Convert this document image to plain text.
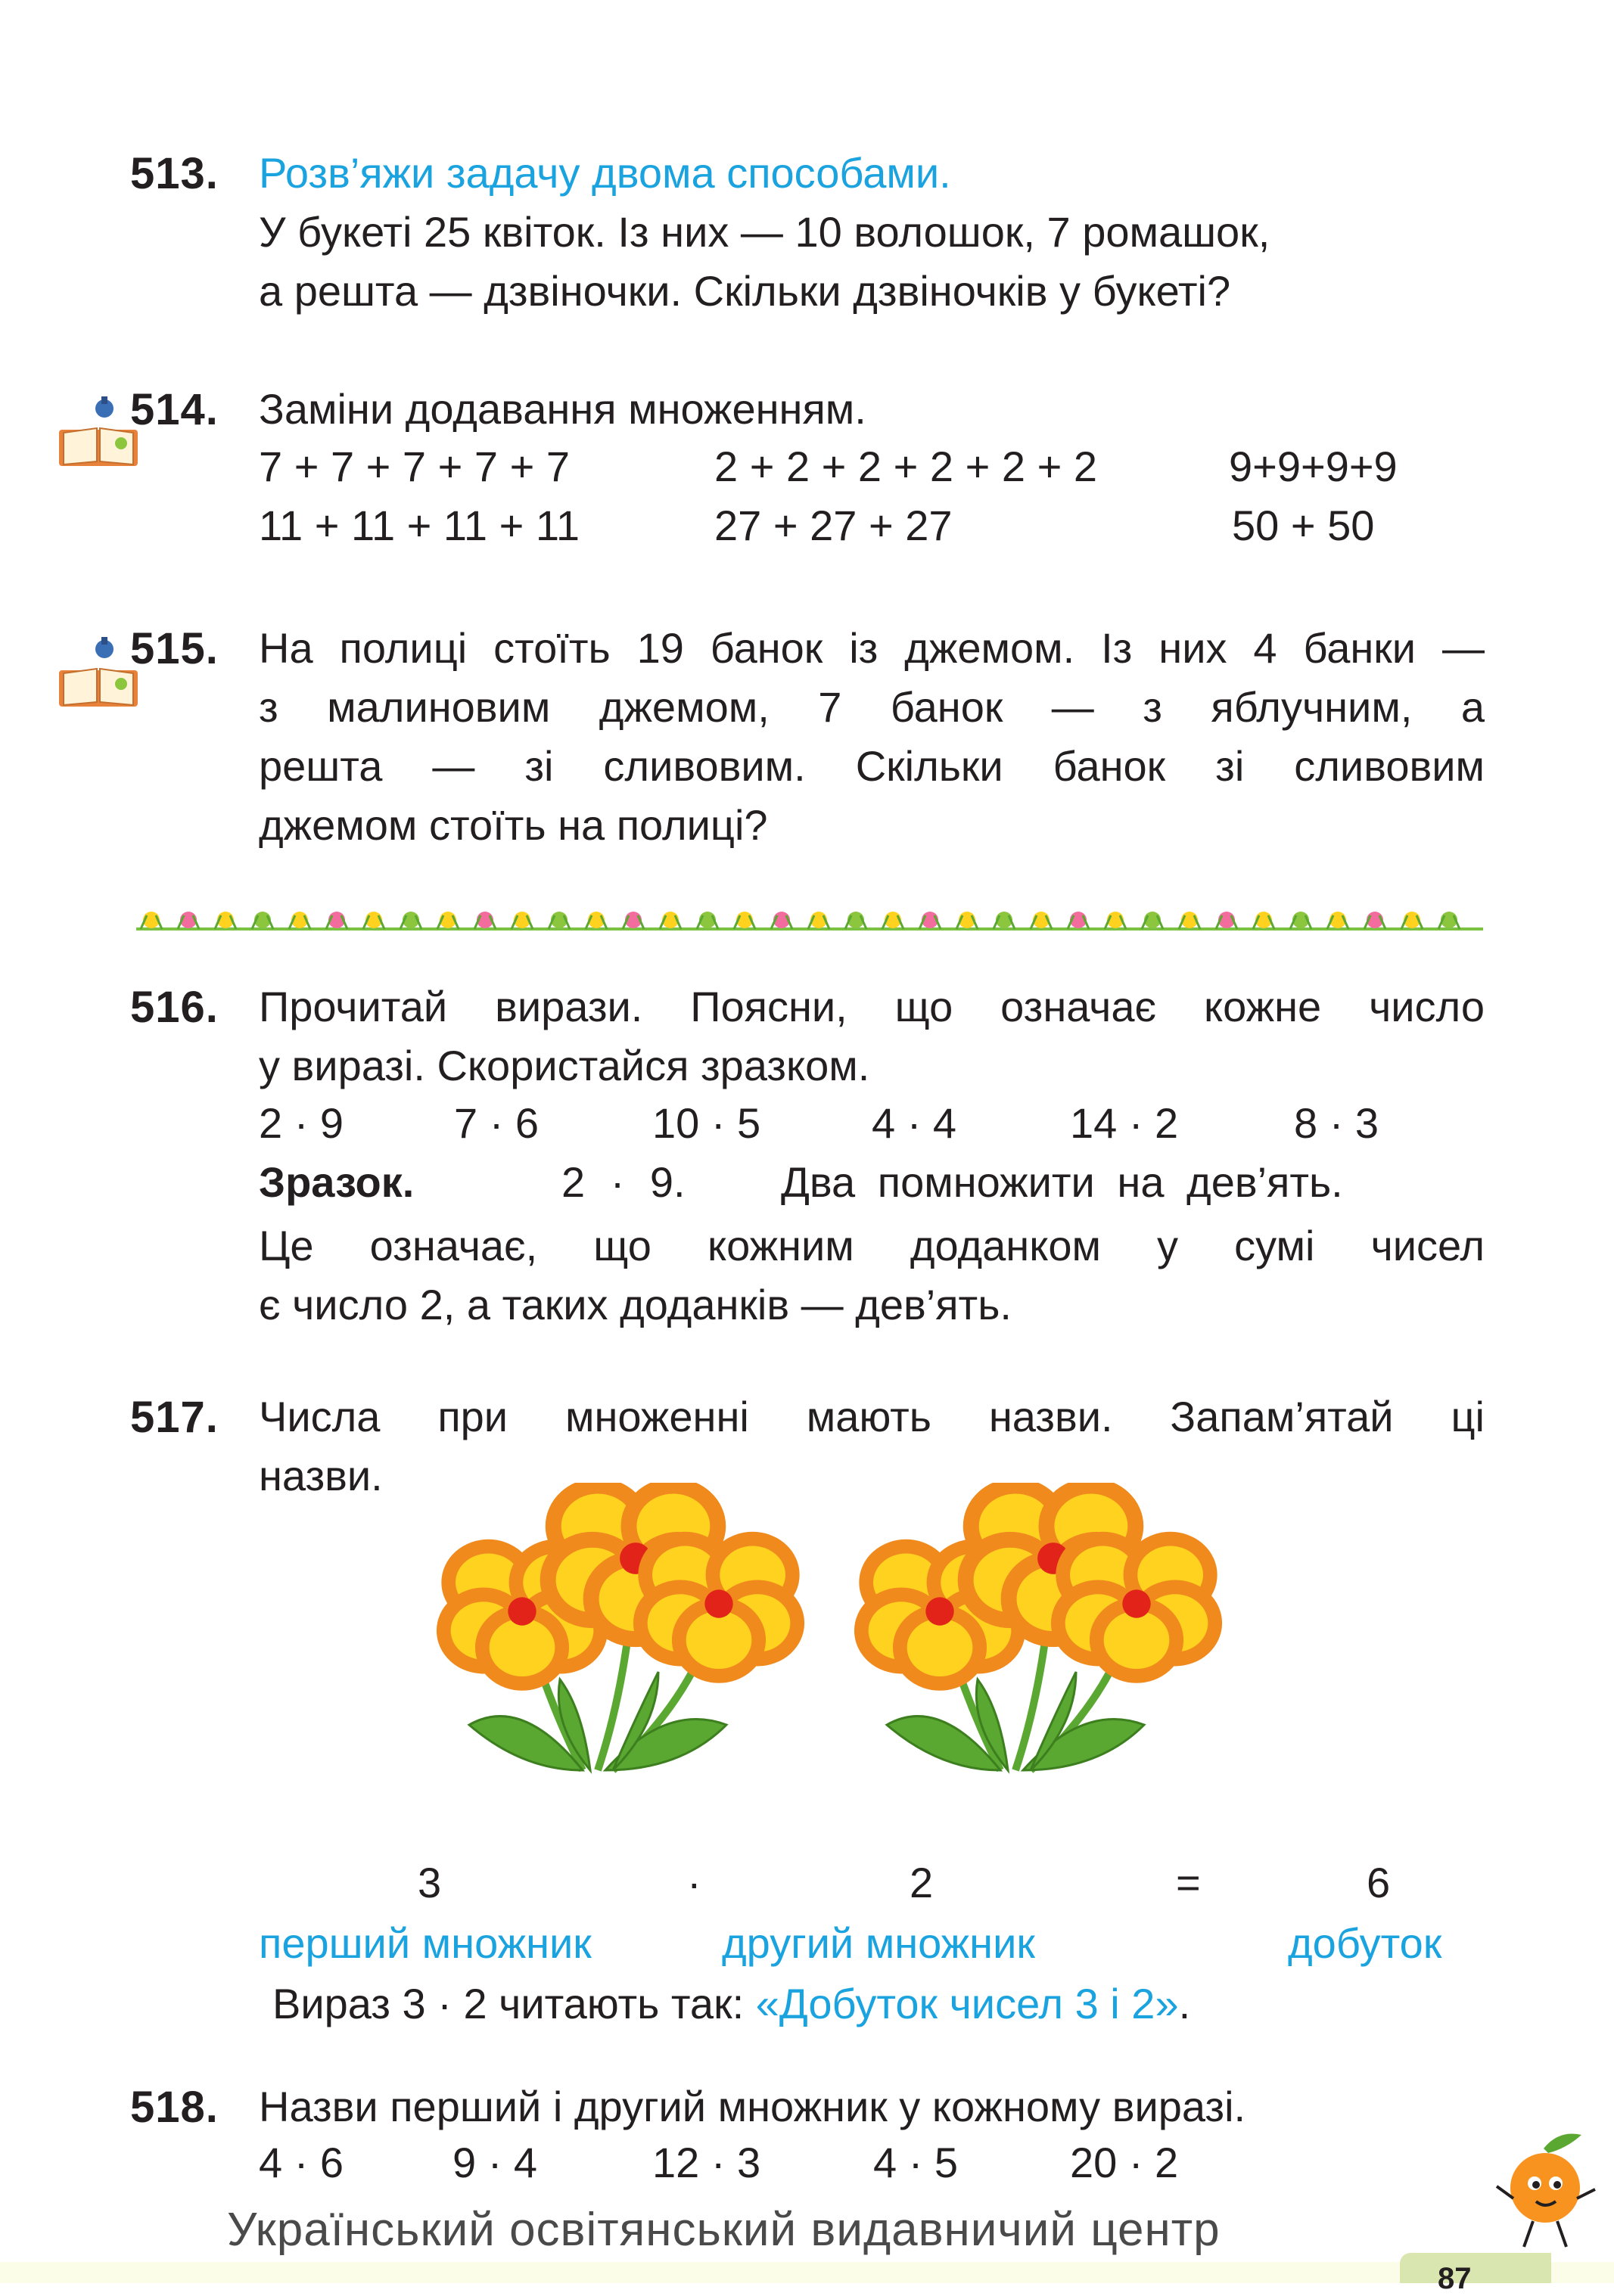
513. Розв’яжи задачу двома способами.
У букеті 25 квіток. Із них — 10 волошок, 7 ромашок,
а решта — дзвіночки. Скільки дзвіночків у букеті?
514. Заміни додавання множенням.
7 + 7 + 7 + 7 + 7	2 + 2 + 2 + 2 + 2 + 2	9+9+9+9
11 + 11 + 11 + 11	27 + 27 + 27	50 + 50
515. На полиці стоїть 19 банок із джемом. Із них 4 банки —
з малиновим джемом, 7 банок — з яблучним, а
решта — зі сливовим. Скільки банок зі сливовим
джемом стоїть на полиці?
516. Прочитай вирази. Поясни, що означає кожне число
у виразі. Скористайся зразком.
2 · 9	7 · 6	10 · 5	4 · 4	14 · 2	8 · 3
Зразок.	2 · 9. Два помножити на дев’ять.
Це означає, що кожним доданком у сумі чисел
є число 2, а таких доданків — дев’ять.
517. Числа при множенні мають назви. Запам’ятай ці
назви.
3	·	2	=	6
перший множник	другий множник	добуток
Вираз 3 · 2 читають так: «Добуток чисел 3 і 2».
518. Назви перший і другий множник у кожному виразі.
4 · 6	9 · 4	12 · 3	4 · 5	20 · 2
Український освітянський видавничий центр
87
